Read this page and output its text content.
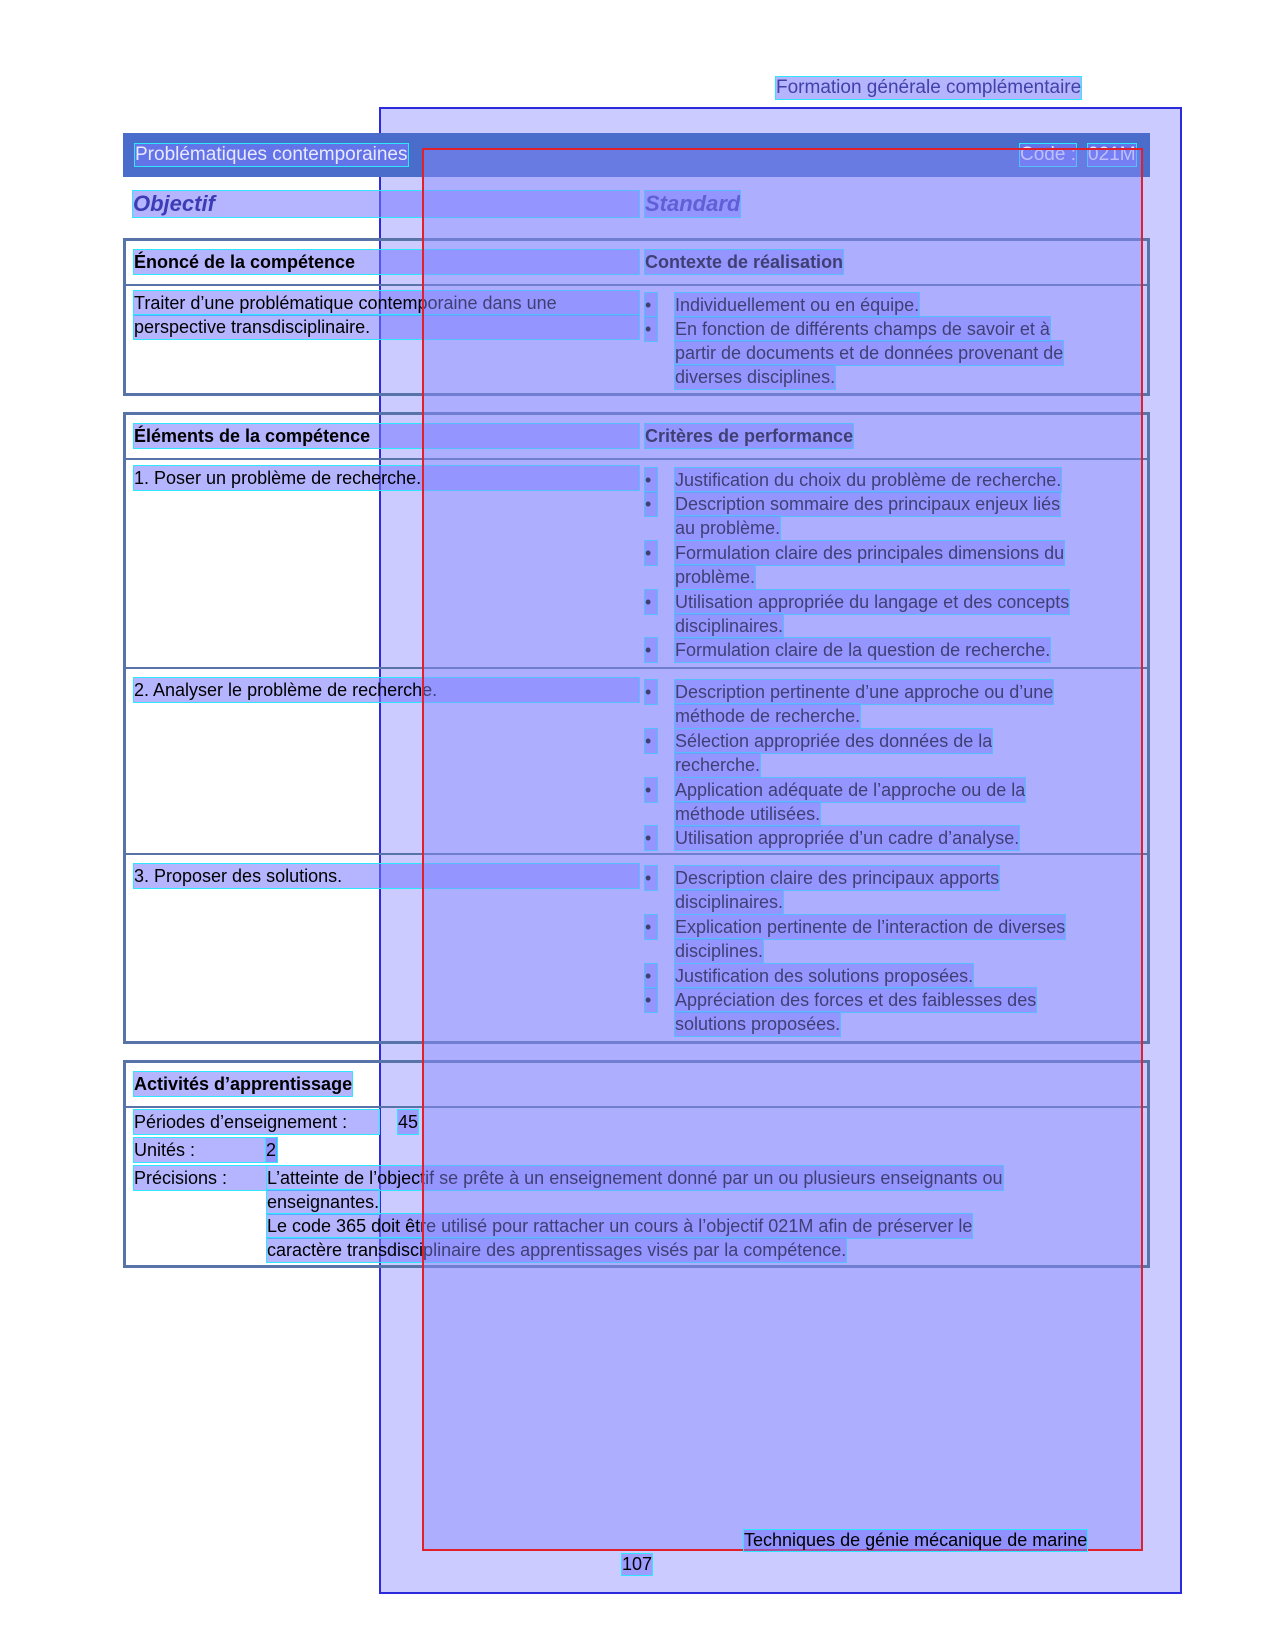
Formation générale complémentaire
Problématiques contemporaines	Code : 021M
Objectif	Standard
Énoncé de la compétence	Contexte de réalisation
Traiter d’une problématique contemporaine dans une
perspective transdisciplinaire.
•	Individuellement ou en équipe.
•	En fonction de différents champs de savoir et à
partir de documents et de données provenant de
diverses disciplines.
Éléments de la compétence	Critères de performance
1. Poser un problème de recherche.	•	Justification du choix du problème de recherche.
•	Description sommaire des principaux enjeux liés
au problème.
•	Formulation claire des principales dimensions du
problème.
•	Utilisation appropriée du langage et des concepts
disciplinaires.
•	Formulation claire de la question de recherche.
2. Analyser le problème de recherche.	•	Description pertinente d’une approche ou d’une
méthode de recherche.
•	Sélection appropriée des données de la
recherche.
•	Application adéquate de l’approche ou de la
méthode utilisées.
•	Utilisation appropriée d’un cadre d’analyse.
3. Proposer des solutions.	•	Description claire des principaux apports
disciplinaires.
•	Explication pertinente de l’interaction de diverses
disciplines.
•	Justification des solutions proposées.
•	Appréciation des forces et des faiblesses des
solutions proposées.
Activités d’apprentissage
Périodes d’enseignement :	45
Unités :	2
Précisions :	L’atteinte de l’objectif se prête à un enseignement donné par un ou plusieurs enseignants ou
enseignantes.
Le code 365 doit être utilisé pour rattacher un cours à l’objectif 021M afin de préserver le
caractère transdisciplinaire des apprentissages visés par la compétence.
Techniques de génie mécanique de marine
107
